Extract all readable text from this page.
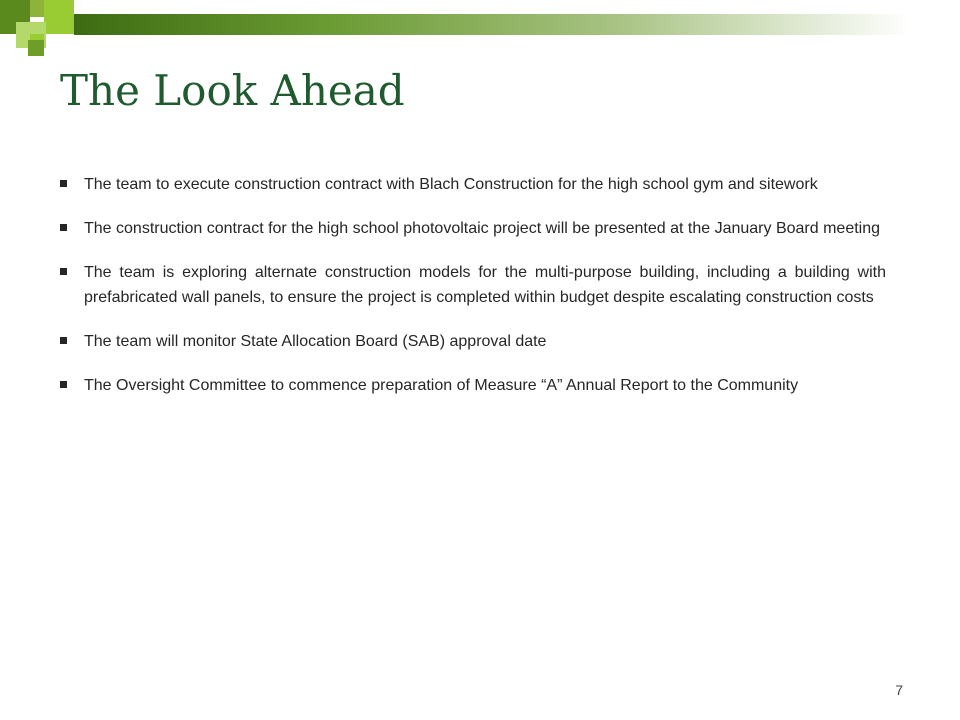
The Look Ahead
The team to execute construction contract with Blach Construction for the high school gym and sitework
The construction contract for the high school photovoltaic project will be presented at the January Board meeting
The team is exploring alternate construction models for the multi-purpose building, including a building with prefabricated wall panels, to ensure the project is completed within budget despite escalating construction costs
The team will monitor State Allocation Board (SAB) approval date
The Oversight Committee to commence preparation of Measure “A” Annual Report to the Community
7
